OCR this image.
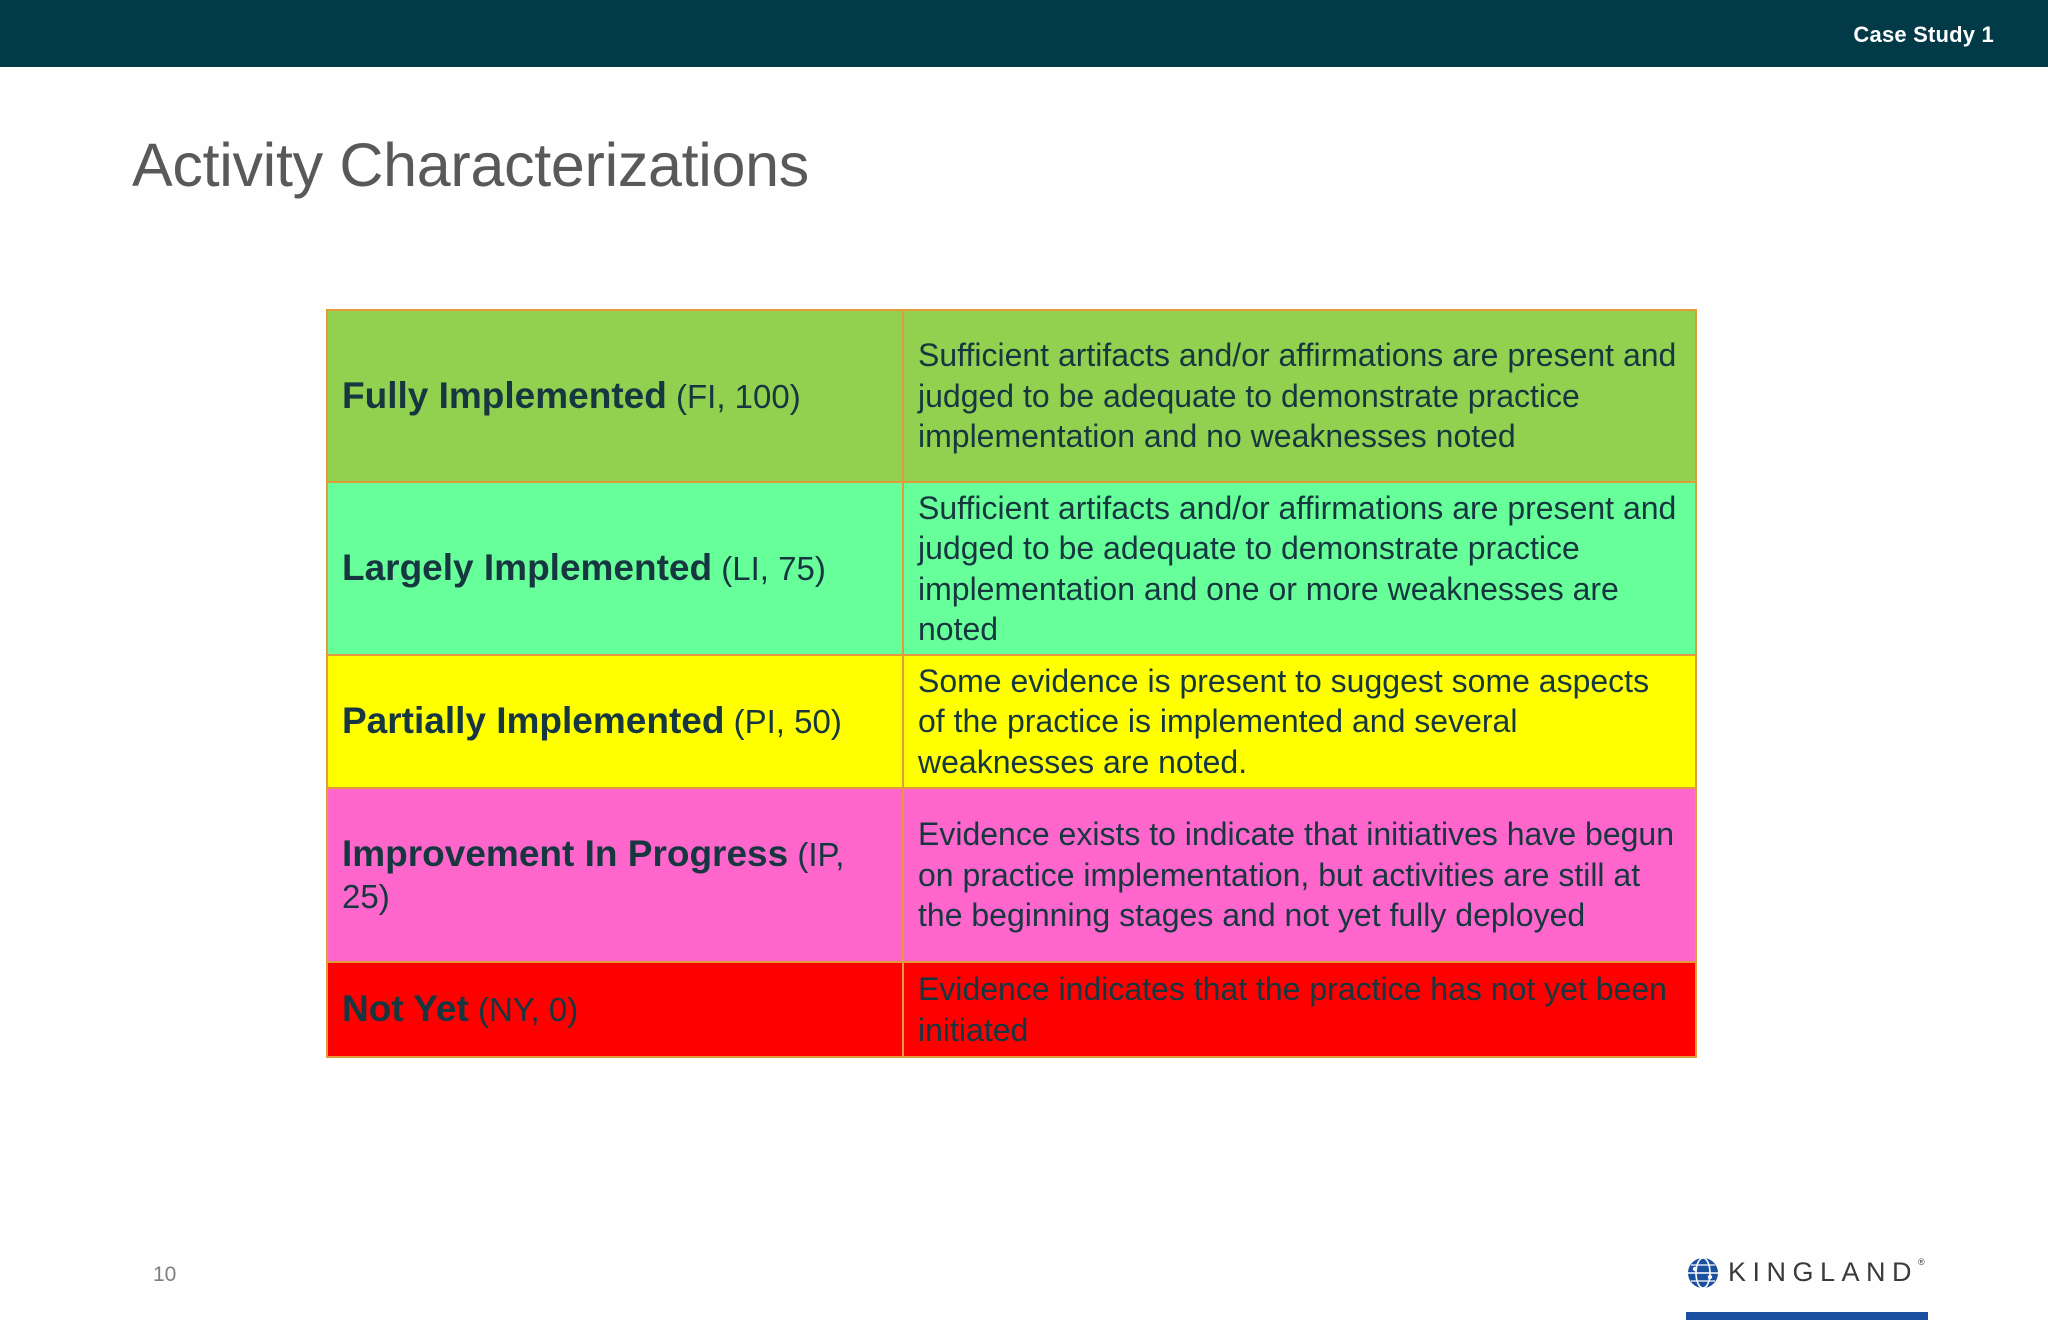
Case Study 1
Activity Characterizations
Fully Implemented (FI, 100)	Sufficient artifacts and/or affirmations are present and judged to be adequate to demonstrate practice implementation and no weaknesses noted
Largely Implemented (LI, 75)	Sufficient artifacts and/or affirmations are present and judged to be adequate to demonstrate practice implementation and one or more weaknesses are noted
Partially Implemented (PI, 50)	Some evidence is present to suggest some aspects of the practice is implemented and several weaknesses are noted.
Improvement In Progress (IP, 25)	Evidence exists to indicate that initiatives have begun on practice implementation, but activities are still at the beginning stages and not yet fully deployed
Not Yet (NY, 0)	Evidence indicates that the practice has not yet been initiated
10	KINGLAND®
